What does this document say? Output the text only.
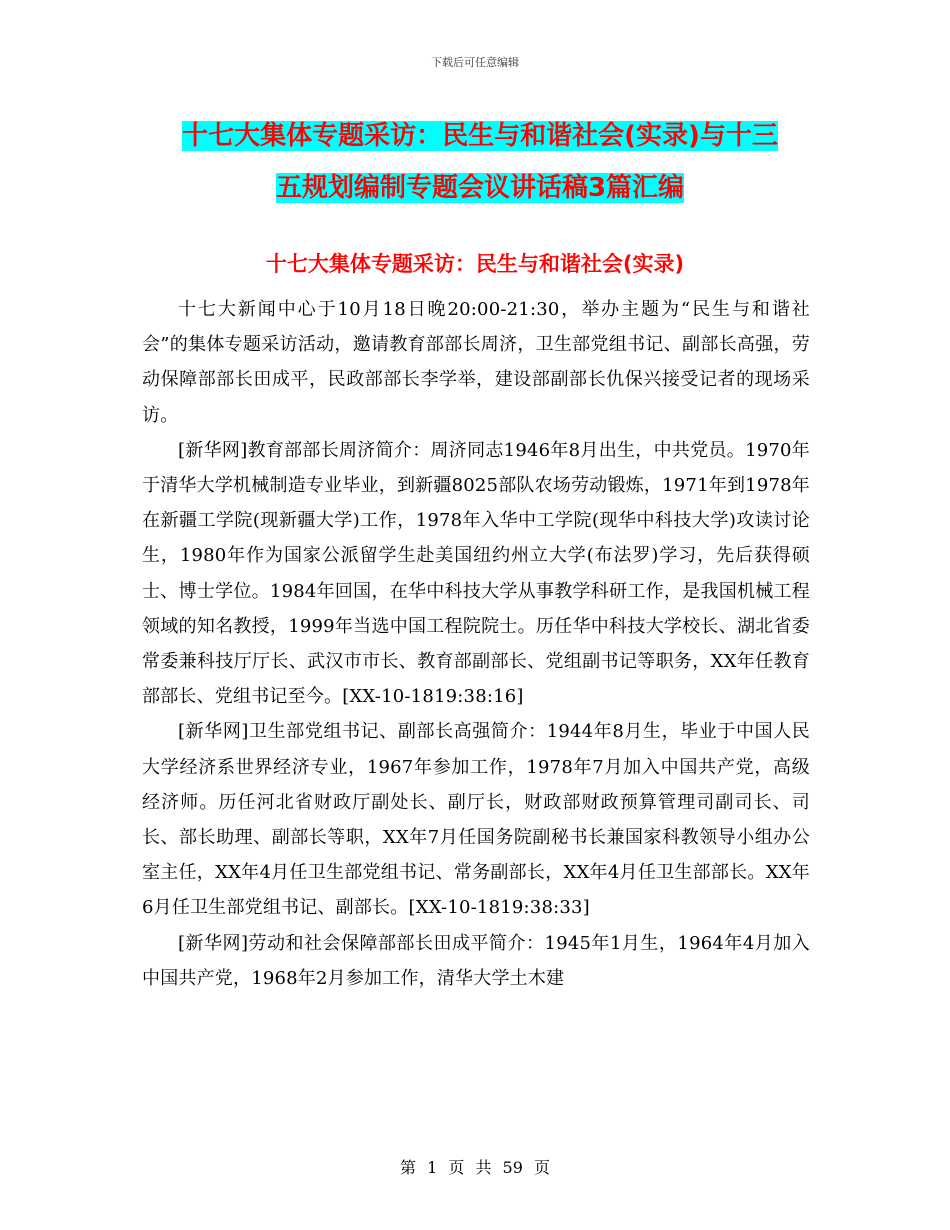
下载后可任意编辑
十七大集体专题采访：民生与和谐社会(实录)与十三
五规划编制专题会议讲话稿3篇汇编
十七大集体专题采访：民生与和谐社会(实录)

十七大新闻中心于10月18日晚20:00-21:30，举办主题为“民生与和谐社会”的集体专题采访活动，邀请教育部部长周济，卫生部党组书记、副部长高强，劳动保障部部长田成平，民政部部长李学举，建设部副部长仇保兴接受记者的现场采访。

[新华网]教育部部长周济简介：周济同志1946年8月出生，中共党员。1970年于清华大学机械制造专业毕业，到新疆8025部队农场劳动锻炼，1971年到1978年在新疆工学院(现新疆大学)工作，1978年入华中工学院(现华中科技大学)攻读讨论生，1980年作为国家公派留学生赴美国纽约州立大学(布法罗)学习，先后获得硕士、博士学位。1984年回国，在华中科技大学从事教学科研工作，是我国机械工程领域的知名教授，1999年当选中国工程院院士。历任华中科技大学校长、湖北省委常委兼科技厅厅长、武汉市市长、教育部副部长、党组副书记等职务，XX年任教育部部长、党组书记至今。[XX-10-1819:38:16]

[新华网]卫生部党组书记、副部长高强简介：1944年8月生，毕业于中国人民大学经济系世界经济专业，1967年参加工作，1978年7月加入中国共产党，高级经济师。历任河北省财政厅副处长、副厅长，财政部财政预算管理司副司长、司长、部长助理、副部长等职，XX年7月任国务院副秘书长兼国家科教领导小组办公室主任，XX年4月任卫生部党组书记、常务副部长，XX年4月任卫生部部长。XX年6月任卫生部党组书记、副部长。[XX-10-1819:38:33]

[新华网]劳动和社会保障部部长田成平简介：1945年1月生，1964年4月加入中国共产党，1968年2月参加工作，清华大学土木建

第 1 页 共 59 页
